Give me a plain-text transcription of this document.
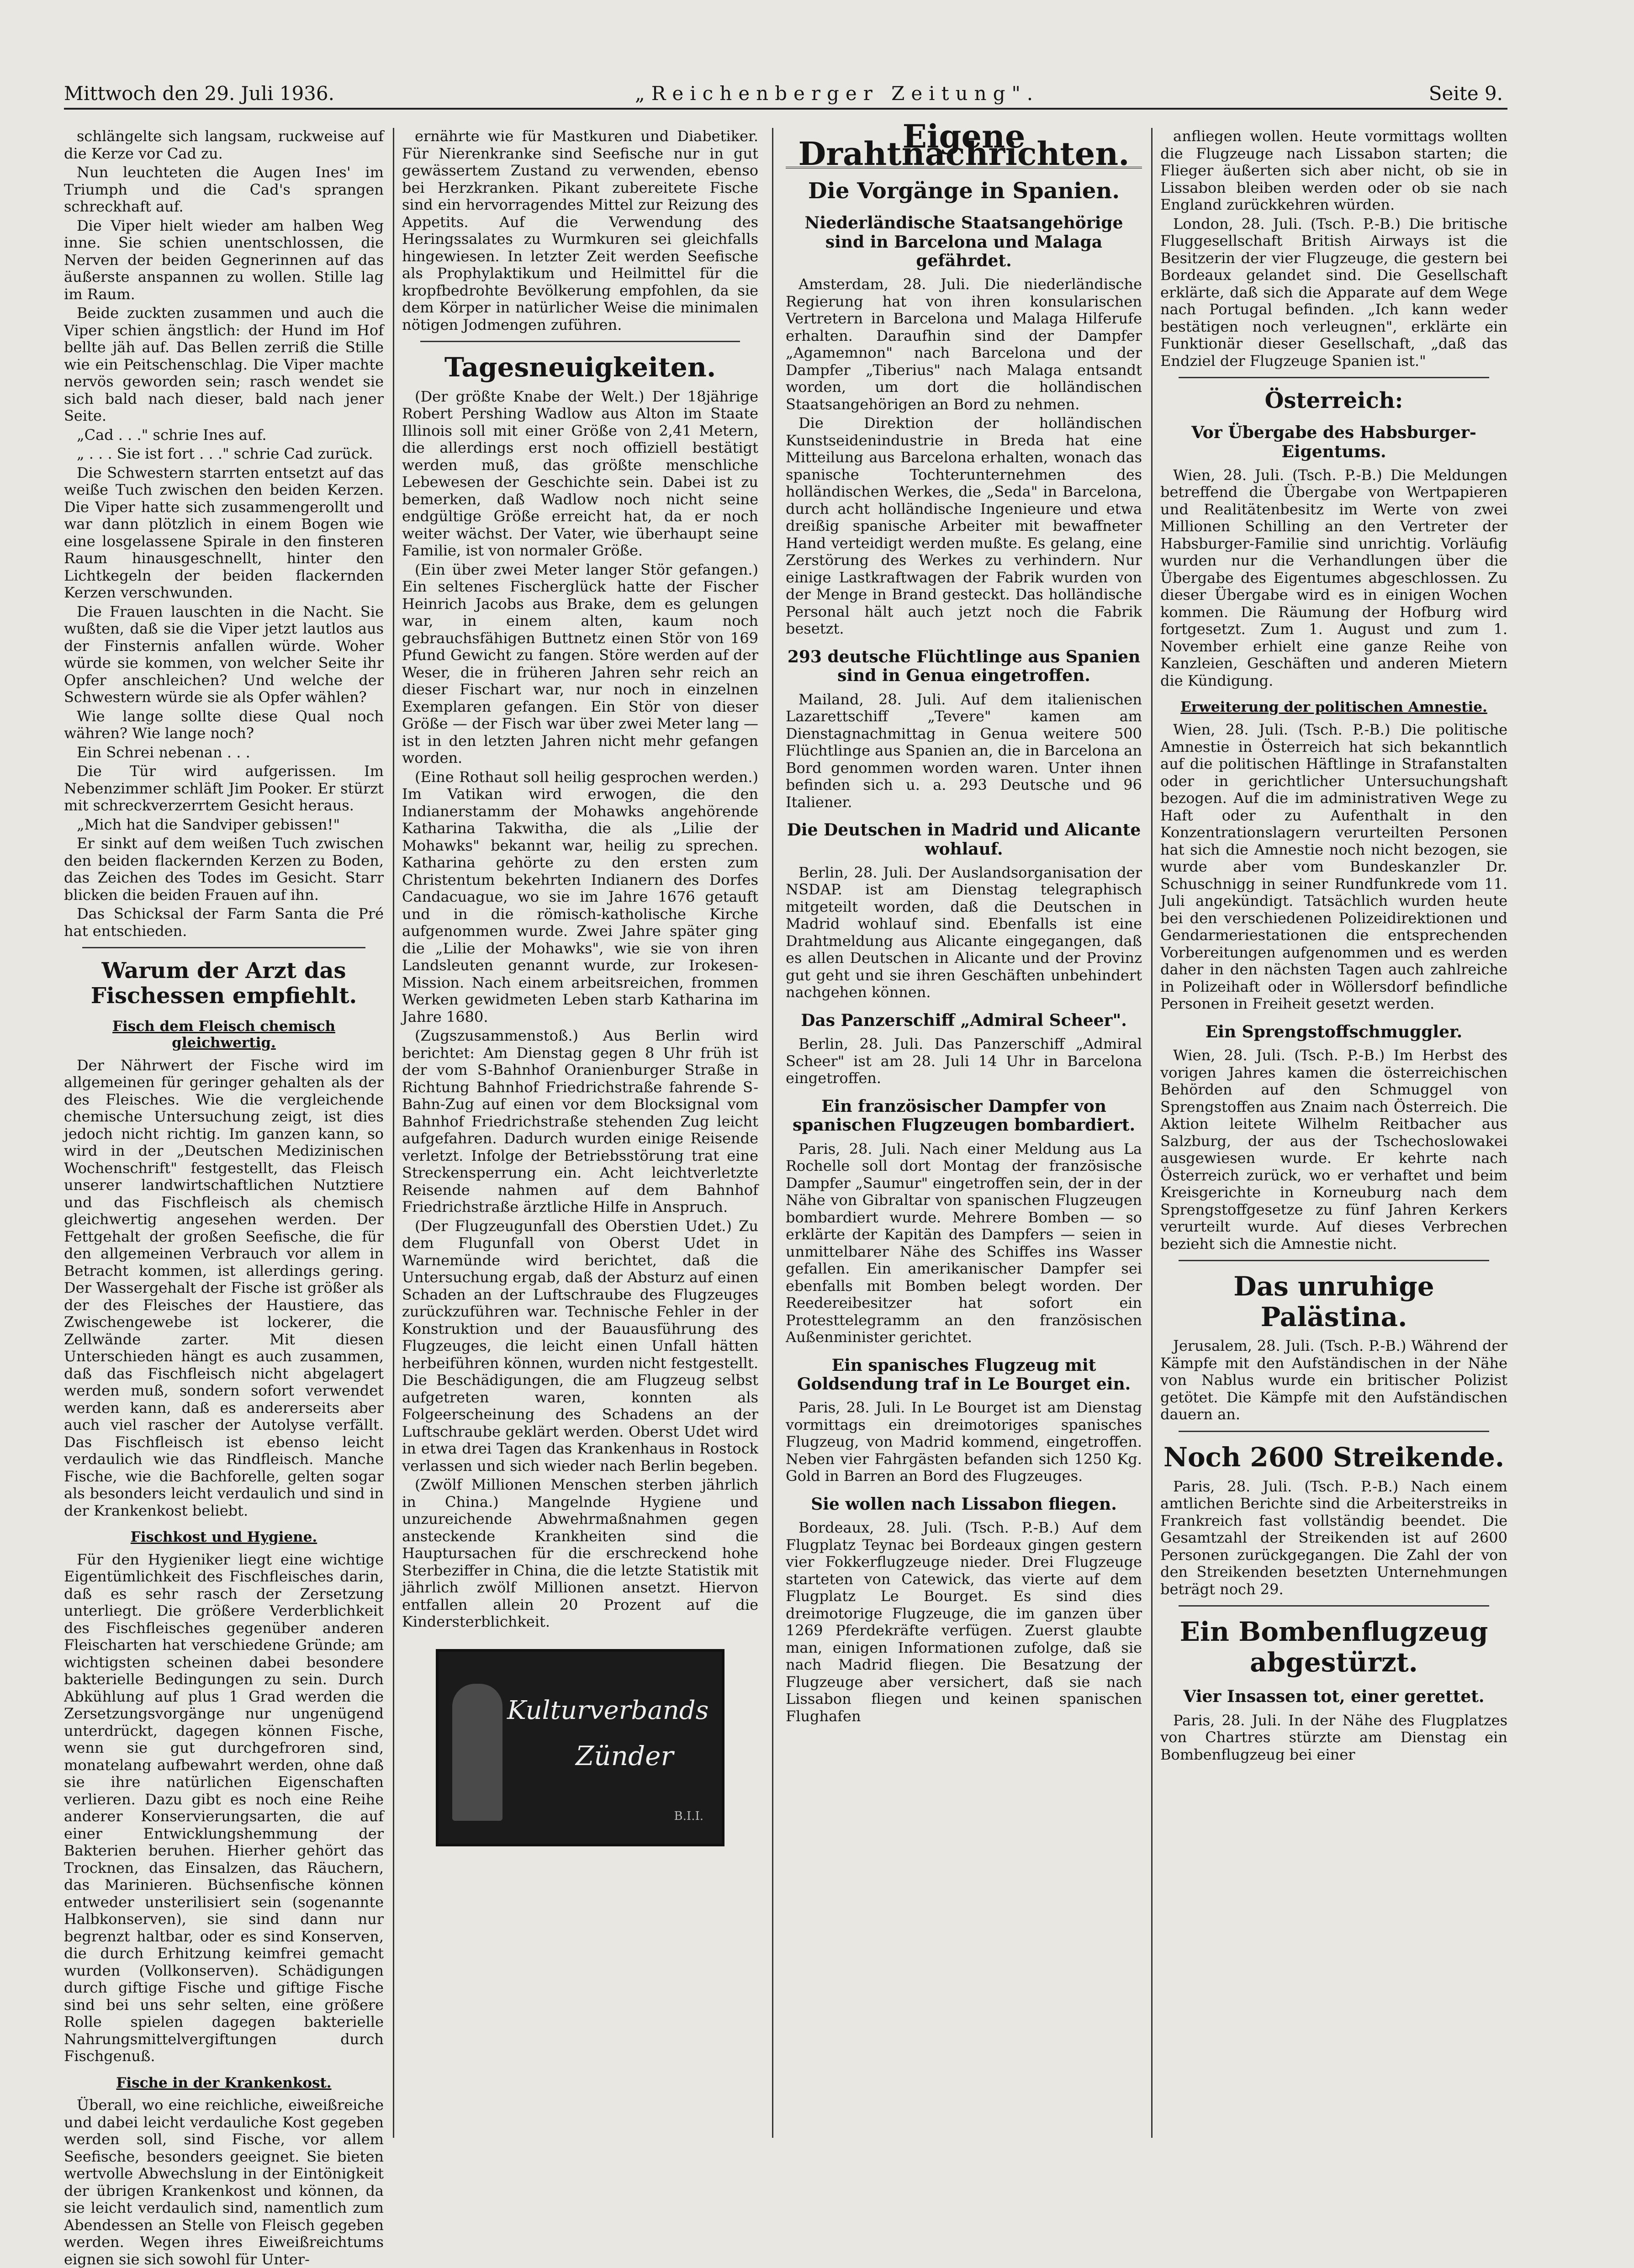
Mittwoch den 29. Juli 1936.	„Reichenberger Zeitung".	Seite 9.

schlängelte sich langsam, ruckweise auf die Kerze vor Cad zu.

Nun leuchteten die Augen Ines' im Triumph und die Cad's sprangen schreckhaft auf.

Die Viper hielt wieder am halben Weg inne. Sie schien unentschlossen, die Nerven der beiden Gegnerinnen auf das äußerste anspannen zu wollen. Stille lag im Raum.

Beide zuckten zusammen und auch die Viper schien ängstlich: der Hund im Hof bellte jäh auf. Das Bellen zerriß die Stille wie ein Peitschenschlag. Die Viper machte nervös geworden sein; rasch wendet sie sich bald nach dieser, bald nach jener Seite.

„Cad . . ." schrie Ines auf.

„ . . . Sie ist fort . . ." schrie Cad zurück.

Die Schwestern starrten entsetzt auf das weiße Tuch zwischen den beiden Kerzen. Die Viper hatte sich zusammengerollt und war dann plötzlich in einem Bogen wie eine losgelassene Spirale in den finsteren Raum hinausgeschnellt, hinter den Lichtkegeln der beiden flackernden Kerzen verschwunden.

Die Frauen lauschten in die Nacht. Sie wußten, daß sie die Viper jetzt lautlos aus der Finsternis anfallen würde. Woher würde sie kommen, von welcher Seite ihr Opfer anschleichen? Und welche der Schwestern würde sie als Opfer wählen?

Wie lange sollte diese Qual noch währen? Wie lange noch?

Ein Schrei nebenan . . .

Die Tür wird aufgerissen. Im Nebenzimmer schläft Jim Pooker. Er stürzt mit schreckverzerrtem Gesicht heraus.

„Mich hat die Sandviper gebissen!"

Er sinkt auf dem weißen Tuch zwischen den beiden flackernden Kerzen zu Boden, das Zeichen des Todes im Gesicht. Starr blicken die beiden Frauen auf ihn.

Das Schicksal der Farm Santa die Pré hat entschieden.

Warum der Arzt das Fischessen empfiehlt.
Fisch dem Fleisch chemisch gleichwertig.

Der Nährwert der Fische wird im allgemeinen für geringer gehalten als der des Fleisches. Wie die vergleichende chemische Untersuchung zeigt, ist dies jedoch nicht richtig. Im ganzen kann, so wird in der „Deutschen Medizinischen Wochenschrift" festgestellt, das Fleisch unserer landwirtschaftlichen Nutztiere und das Fischfleisch als chemisch gleichwertig angesehen werden. Der Fettgehalt der großen Seefische, die für den allgemeinen Verbrauch vor allem in Betracht kommen, ist allerdings gering. Der Wassergehalt der Fische ist größer als der des Fleisches der Haustiere, das Zwischengewebe ist lockerer, die Zellwände zarter. Mit diesen Unterschieden hängt es auch zusammen, daß das Fischfleisch nicht abgelagert werden muß, sondern sofort verwendet werden kann, daß es andererseits aber auch viel rascher der Autolyse verfällt. Das Fischfleisch ist ebenso leicht verdaulich wie das Rindfleisch. Manche Fische, wie die Bachforelle, gelten sogar als besonders leicht verdaulich und sind in der Krankenkost beliebt.

Fischkost und Hygiene.

Für den Hygieniker liegt eine wichtige Eigentümlichkeit des Fischfleisches darin, daß es sehr rasch der Zersetzung unterliegt. Die größere Verderblichkeit des Fischfleisches gegenüber anderen Fleischarten hat verschiedene Gründe; am wichtigsten scheinen dabei besondere bakterielle Bedingungen zu sein. Durch Abkühlung auf plus 1 Grad werden die Zersetzungsvorgänge nur ungenügend unterdrückt, dagegen können Fische, wenn sie gut durchgefroren sind, monatelang aufbewahrt werden, ohne daß sie ihre natürlichen Eigenschaften verlieren. Dazu gibt es noch eine Reihe anderer Konservierungsarten, die auf einer Entwicklungshemmung der Bakterien beruhen. Hierher gehört das Trocknen, das Einsalzen, das Räuchern, das Marinieren. Büchsenfische können entweder unsterilisiert sein (sogenannte Halbkonserven), sie sind dann nur begrenzt haltbar, oder es sind Konserven, die durch Erhitzung keimfrei gemacht wurden (Vollkonserven). Schädigungen durch giftige Fische und giftige Fische sind bei uns sehr selten, eine größere Rolle spielen dagegen bakterielle Nahrungsmittelvergiftungen durch Fischgenuß.

Fische in der Krankenkost.

Überall, wo eine reichliche, eiweißreiche und dabei leicht verdauliche Kost gegeben werden soll, sind Fische, vor allem Seefische, besonders geeignet. Sie bieten wertvolle Abwechslung in der Eintönigkeit der übrigen Krankenkost und können, da sie leicht verdaulich sind, namentlich zum Abendessen an Stelle von Fleisch gegeben werden. Wegen ihres Eiweißreichtums eignen sie sich sowohl für Unter-

ernährte wie für Mastkuren und Diabetiker. Für Nierenkranke sind Seefische nur in gut gewässertem Zustand zu verwenden, ebenso bei Herzkranken. Pikant zubereitete Fische sind ein hervorragendes Mittel zur Reizung des Appetits. Auf die Verwendung des Heringssalates zu Wurmkuren sei gleichfalls hingewiesen. In letzter Zeit werden Seefische als Prophylaktikum und Heilmittel für die kropfbedrohte Bevölkerung empfohlen, da sie dem Körper in natürlicher Weise die minimalen nötigen Jodmengen zuführen.

Tagesneuigkeiten.

(Der größte Knabe der Welt.) Der 18jährige Robert Pershing Wadlow aus Alton im Staate Illinois soll mit einer Größe von 2,41 Metern, die allerdings erst noch offiziell bestätigt werden muß, das größte menschliche Lebewesen der Geschichte sein. Dabei ist zu bemerken, daß Wadlow noch nicht seine endgültige Größe erreicht hat, da er noch weiter wächst. Der Vater, wie überhaupt seine Familie, ist von normaler Größe.

(Ein über zwei Meter langer Stör gefangen.) Ein seltenes Fischerglück hatte der Fischer Heinrich Jacobs aus Brake, dem es gelungen war, in einem alten, kaum noch gebrauchsfähigen Buttnetz einen Stör von 169 Pfund Gewicht zu fangen. Störe werden auf der Weser, die in früheren Jahren sehr reich an dieser Fischart war, nur noch in einzelnen Exemplaren gefangen. Ein Stör von dieser Größe — der Fisch war über zwei Meter lang — ist in den letzten Jahren nicht mehr gefangen worden.

(Eine Rothaut soll heilig gesprochen werden.) Im Vatikan wird erwogen, die den Indianerstamm der Mohawks angehörende Katharina Takwitha, die als „Lilie der Mohawks" bekannt war, heilig zu sprechen. Katharina gehörte zu den ersten zum Christentum bekehrten Indianern des Dorfes Candacuague, wo sie im Jahre 1676 getauft und in die römisch-katholische Kirche aufgenommen wurde. Zwei Jahre später ging die „Lilie der Mohawks", wie sie von ihren Landsleuten genannt wurde, zur Irokesen-Mission. Nach einem arbeitsreichen, frommen Werken gewidmeten Leben starb Katharina im Jahre 1680.

(Zugszusammenstoß.) Aus Berlin wird berichtet: Am Dienstag gegen 8 Uhr früh ist der vom S-Bahnhof Oranienburger Straße in Richtung Bahnhof Friedrichstraße fahrende S-Bahn-Zug auf einen vor dem Blocksignal vom Bahnhof Friedrichstraße stehenden Zug leicht aufgefahren. Dadurch wurden einige Reisende verletzt. Infolge der Betriebsstörung trat eine Streckensperrung ein. Acht leichtverletzte Reisende nahmen auf dem Bahnhof Friedrichstraße ärztliche Hilfe in Anspruch.

(Der Flugzeugunfall des Oberstien Udet.) Zu dem Flugunfall von Oberst Udet in Warnemünde wird berichtet, daß die Untersuchung ergab, daß der Absturz auf einen Schaden an der Luftschraube des Flugzeuges zurückzuführen war. Technische Fehler in der Konstruktion und der Bauausführung des Flugzeuges, die leicht einen Unfall hätten herbeiführen können, wurden nicht festgestellt. Die Beschädigungen, die am Flugzeug selbst aufgetreten waren, konnten als Folgeerscheinung des Schadens an der Luftschraube geklärt werden. Oberst Udet wird in etwa drei Tagen das Krankenhaus in Rostock verlassen und sich wieder nach Berlin begeben.

(Zwölf Millionen Menschen sterben jährlich in China.) Mangelnde Hygiene und unzureichende Abwehrmaßnahmen gegen ansteckende Krankheiten sind die Hauptursachen für die erschreckend hohe Sterbeziffer in China, die die letzte Statistik mit jährlich zwölf Millionen ansetzt. Hiervon entfallen allein 20 Prozent auf die Kindersterblichkeit.

Kulturverbands
Zünder
B.I.I.
Eigene Drahtnachrichten.
Die Vorgänge in Spanien.
Niederländische Staatsangehörige sind in Barcelona und Malaga gefährdet.

Amsterdam, 28. Juli. Die niederländische Regierung hat von ihren konsularischen Vertretern in Barcelona und Malaga Hilferufe erhalten. Daraufhin sind der Dampfer „Agamemnon" nach Barcelona und der Dampfer „Tiberius" nach Malaga entsandt worden, um dort die holländischen Staatsangehörigen an Bord zu nehmen.

Die Direktion der holländischen Kunstseidenindustrie in Breda hat eine Mitteilung aus Barcelona erhalten, wonach das spanische Tochterunternehmen des holländischen Werkes, die „Seda" in Barcelona, durch acht holländische Ingenieure und etwa dreißig spanische Arbeiter mit bewaffneter Hand verteidigt werden mußte. Es gelang, eine Zerstörung des Werkes zu verhindern. Nur einige Lastkraftwagen der Fabrik wurden von der Menge in Brand gesteckt. Das holländische Personal hält auch jetzt noch die Fabrik besetzt.

293 deutsche Flüchtlinge aus Spanien sind in Genua eingetroffen.

Mailand, 28. Juli. Auf dem italienischen Lazarettschiff „Tevere" kamen am Dienstagnachmittag in Genua weitere 500 Flüchtlinge aus Spanien an, die in Barcelona an Bord genommen worden waren. Unter ihnen befinden sich u. a. 293 Deutsche und 96 Italiener.

Die Deutschen in Madrid und Alicante wohlauf.

Berlin, 28. Juli. Der Auslandsorganisation der NSDAP. ist am Dienstag telegraphisch mitgeteilt worden, daß die Deutschen in Madrid wohlauf sind. Ebenfalls ist eine Drahtmeldung aus Alicante eingegangen, daß es allen Deutschen in Alicante und der Provinz gut geht und sie ihren Geschäften unbehindert nachgehen können.

Das Panzerschiff „Admiral Scheer".

Berlin, 28. Juli. Das Panzerschiff „Admiral Scheer" ist am 28. Juli 14 Uhr in Barcelona eingetroffen.

Ein französischer Dampfer von spanischen Flugzeugen bombardiert.

Paris, 28. Juli. Nach einer Meldung aus La Rochelle soll dort Montag der französische Dampfer „Saumur" eingetroffen sein, der in der Nähe von Gibraltar von spanischen Flugzeugen bombardiert wurde. Mehrere Bomben — so erklärte der Kapitän des Dampfers — seien in unmittelbarer Nähe des Schiffes ins Wasser gefallen. Ein amerikanischer Dampfer sei ebenfalls mit Bomben belegt worden. Der Reedereibesitzer hat sofort ein Protesttelegramm an den französischen Außenminister gerichtet.

Ein spanisches Flugzeug mit Goldsendung traf in Le Bourget ein.

Paris, 28. Juli. In Le Bourget ist am Dienstag vormittags ein dreimotoriges spanisches Flugzeug, von Madrid kommend, eingetroffen. Neben vier Fahrgästen befanden sich 1250 Kg. Gold in Barren an Bord des Flugzeuges.

Sie wollen nach Lissabon fliegen.

Bordeaux, 28. Juli. (Tsch. P.-B.) Auf dem Flugplatz Teynac bei Bordeaux gingen gestern vier Fokkerflugzeuge nieder. Drei Flugzeuge starteten von Catewick, das vierte auf dem Flugplatz Le Bourget. Es sind dies dreimotorige Flugzeuge, die im ganzen über 1269 Pferdekräfte verfügen. Zuerst glaubte man, einigen Informationen zufolge, daß sie nach Madrid fliegen. Die Besatzung der Flugzeuge aber versichert, daß sie nach Lissabon fliegen und keinen spanischen Flughafen

anfliegen wollen. Heute vormittags wollten die Flugzeuge nach Lissabon starten; die Flieger äußerten sich aber nicht, ob sie in Lissabon bleiben werden oder ob sie nach England zurückkehren würden.

London, 28. Juli. (Tsch. P.-B.) Die britische Fluggesellschaft British Airways ist die Besitzerin der vier Flugzeuge, die gestern bei Bordeaux gelandet sind. Die Gesellschaft erklärte, daß sich die Apparate auf dem Wege nach Portugal befinden. „Ich kann weder bestätigen noch verleugnen", erklärte ein Funktionär dieser Gesellschaft, „daß das Endziel der Flugzeuge Spanien ist."

Österreich:
Vor Übergabe des Habsburger-Eigentums.

Wien, 28. Juli. (Tsch. P.-B.) Die Meldungen betreffend die Übergabe von Wertpapieren und Realitätenbesitz im Werte von zwei Millionen Schilling an den Vertreter der Habsburger-Familie sind unrichtig. Vorläufig wurden nur die Verhandlungen über die Übergabe des Eigentumes abgeschlossen. Zu dieser Übergabe wird es in einigen Wochen kommen. Die Räumung der Hofburg wird fortgesetzt. Zum 1. August und zum 1. November erhielt eine ganze Reihe von Kanzleien, Geschäften und anderen Mietern die Kündigung.

Erweiterung der politischen Amnestie.

Wien, 28. Juli. (Tsch. P.-B.) Die politische Amnestie in Österreich hat sich bekanntlich auf die politischen Häftlinge in Strafanstalten oder in gerichtlicher Untersuchungshaft bezogen. Auf die im administrativen Wege zu Haft oder zu Aufenthalt in den Konzentrationslagern verurteilten Personen hat sich die Amnestie noch nicht bezogen, sie wurde aber vom Bundeskanzler Dr. Schuschnigg in seiner Rundfunkrede vom 11. Juli angekündigt. Tatsächlich wurden heute bei den verschiedenen Polizeidirektionen und Gendarmeriestationen die entsprechenden Vorbereitungen aufgenommen und es werden daher in den nächsten Tagen auch zahlreiche in Polizeihaft oder in Wöllersdorf befindliche Personen in Freiheit gesetzt werden.

Ein Sprengstoffschmuggler.

Wien, 28. Juli. (Tsch. P.-B.) Im Herbst des vorigen Jahres kamen die österreichischen Behörden auf den Schmuggel von Sprengstoffen aus Znaim nach Österreich. Die Aktion leitete Wilhelm Reitbacher aus Salzburg, der aus der Tschechoslowakei ausgewiesen wurde. Er kehrte nach Österreich zurück, wo er verhaftet und beim Kreisgerichte in Korneuburg nach dem Sprengstoffgesetze zu fünf Jahren Kerkers verurteilt wurde. Auf dieses Verbrechen bezieht sich die Amnestie nicht.

Das unruhige Palästina.

Jerusalem, 28. Juli. (Tsch. P.-B.) Während der Kämpfe mit den Aufständischen in der Nähe von Nablus wurde ein britischer Polizist getötet. Die Kämpfe mit den Aufständischen dauern an.

Noch 2600 Streikende.

Paris, 28. Juli. (Tsch. P.-B.) Nach einem amtlichen Berichte sind die Arbeiterstreiks in Frankreich fast vollständig beendet. Die Gesamtzahl der Streikenden ist auf 2600 Personen zurückgegangen. Die Zahl der von den Streikenden besetzten Unternehmungen beträgt noch 29.

Ein Bombenflugzeug abgestürzt.
Vier Insassen tot, einer gerettet.

Paris, 28. Juli. In der Nähe des Flugplatzes von Chartres stürzte am Dienstag ein Bombenflugzeug bei einer
